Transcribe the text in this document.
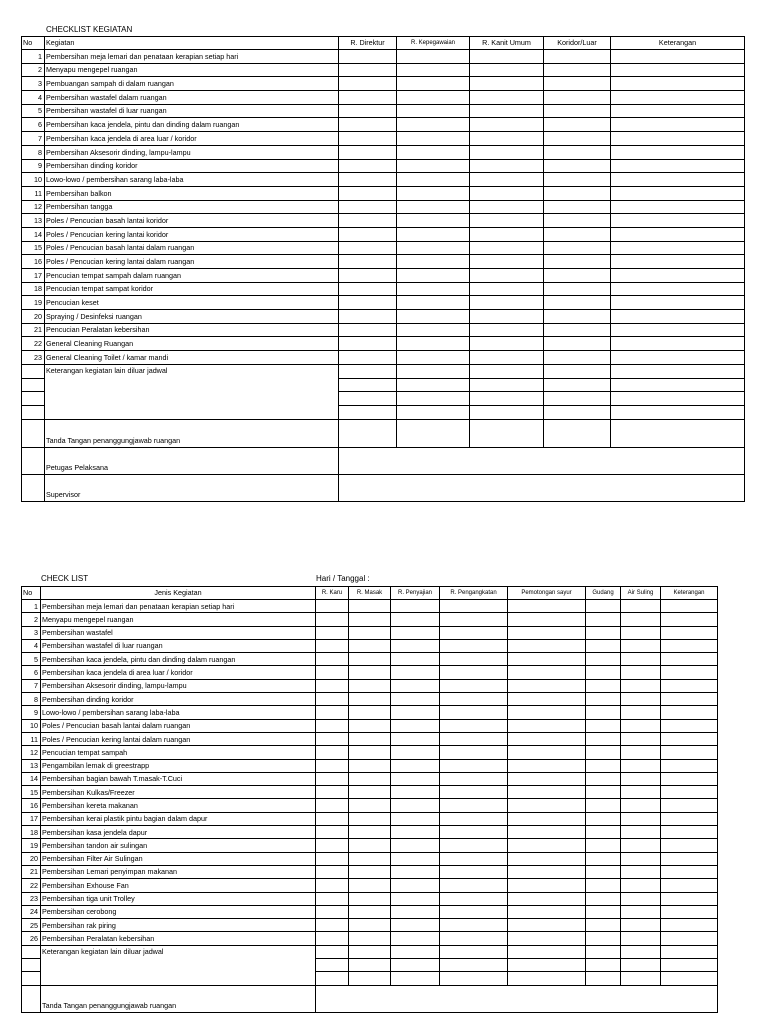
CHECKLIST KEGIATAN
No	Kegiatan	R. Direktur	R. Kepegawaian	R. Kanit Umum	Koridor/Luar	Keterangan
1	Pembersihan meja lemari dan penataan kerapian setiap hari					
2	Menyapu mengepel ruangan					
3	Pembuangan sampah di dalam ruangan					
4	Pembersihan wastafel dalam ruangan					
5	Pembersihan wastafel di luar ruangan					
6	Pembersihan kaca jendela, pintu dan dinding dalam ruangan					
7	Pembersihan kaca jendela di area luar / koridor					
8	Pembersihan Aksesorir dinding, lampu-lampu					
9	Pembersihan dinding koridor					
10	Lowo-lowo / pembersihan sarang laba-laba					
11	Pembersihan balkon					
12	Pembersihan tangga					
13	Poles / Pencucian basah lantai koridor					
14	Poles / Pencucian kering lantai koridor					
15	Poles / Pencucian basah lantai dalam ruangan					
16	Poles / Pencucian kering lantai dalam ruangan					
17	Pencucian tempat sampah dalam ruangan					
18	Pencucian tempat sampat koridor					
19	Pencucian keset					
20	Spraying / Desinfeksi ruangan					
21	Pencucian Peralatan kebersihan					
22	General Cleaning Ruangan					
23	General Cleaning Toilet / kamar mandi					
	Keterangan kegiatan lain diluar jadwal					

	Tanda Tangan penanggungjawab ruangan					
	Petugas Pelaksana					
	Supervisor					
CHECK LIST	Hari / Tanggal :
No	Jenis Kegiatan	R. Karu	R. Masak	R. Penyajian	R. Pengangkatan	Pemotongan sayur	Gudang	Air Suling	Keterangan
1	Pembersihan meja lemari dan penataan kerapian setiap hari								
2	Menyapu mengepel ruangan								
3	Pembersihan wastafel								
4	Pembersihan wastafel di luar ruangan								
5	Pembersihan kaca jendela, pintu dan dinding dalam ruangan								
6	Pembersihan kaca jendela di area luar / koridor								
7	Pembersihan Aksesorir dinding, lampu-lampu								
8	Pembersihan dinding koridor								
9	Lowo-lowo / pembersihan sarang laba-laba								
10	Poles / Pencucian basah lantai dalam ruangan								
11	Poles / Pencucian kering lantai dalam ruangan								
12	Pencucian tempat sampah								
13	Pengambilan lemak di greestrapp								
14	Pembersihan bagian bawah T.masak-T.Cuci								
15	Pembersihan Kulkas/Freezer								
16	Pembersihan kereta makanan								
17	Pembersihan kerai plastik pintu bagian dalam dapur								
18	Pembersihan kasa jendela dapur								
19	Pembersihan tandon air sulingan								
20	Pembersihan Filter Air Sulingan								
21	Pembersihan Lemari penyimpan makanan								
22	Pembersihan Exhouse Fan								
23	Pembersihan tiga unit Trolley								
24	Pembersihan cerobong								
25	Pembersihan rak piring								
26	Pembersihan Peralatan kebersihan								
	Keterangan kegiatan lain diluar jadwal								

	Tanda Tangan penanggungjawab ruangan								
